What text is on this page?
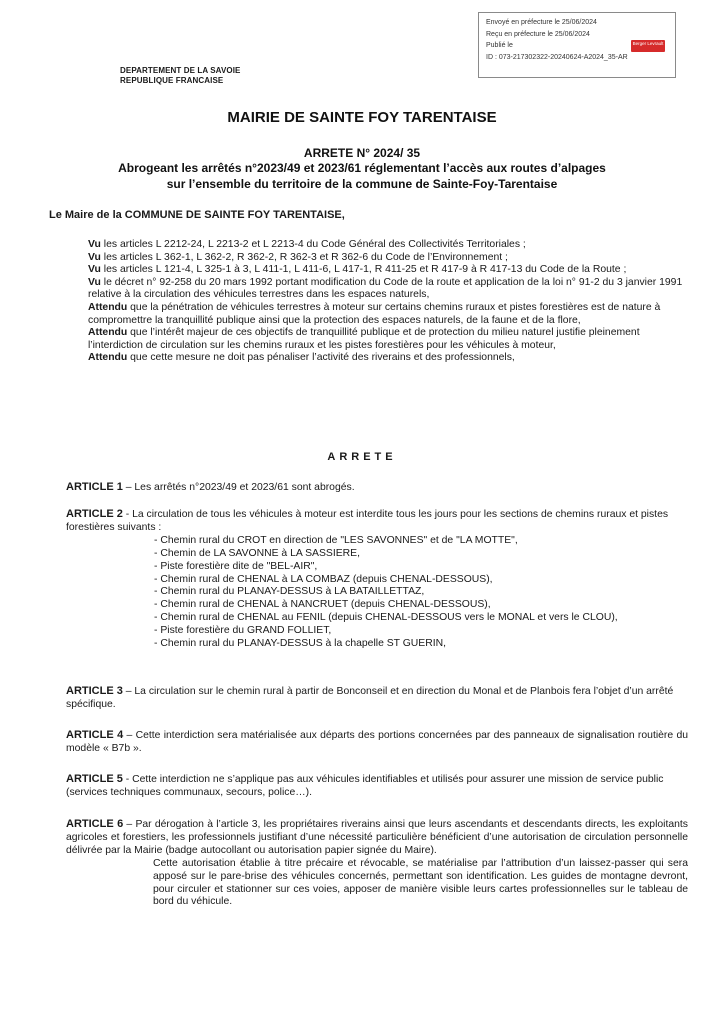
Envoyé en préfecture le 25/06/2024
Reçu en préfecture le 25/06/2024
Publié le
ID : 073-217302322-20240624-A2024_35-AR
Berger Levrault
DEPARTEMENT DE LA SAVOIE
REPUBLIQUE FRANCAISE
MAIRIE DE SAINTE FOY TARENTAISE
ARRETE N° 2024/ 35
Abrogeant les arrêtés n°2023/49 et 2023/61 réglementant l’accès aux routes d’alpages
sur l’ensemble du territoire de la commune de Sainte-Foy-Tarentaise
Le Maire de la COMMUNE DE SAINTE FOY TARENTAISE,

Vu les articles L 2212-24, L 2213-2 et L 2213-4 du Code Général des Collectivités Territoriales ;

Vu les articles L 362-1, L 362-2, R 362-2, R 362-3 et R 362-6 du Code de l’Environnement ;

Vu les articles L 121-4, L 325-1 à 3, L 411-1, L 411-6, L 417-1, R 411-25 et R 417-9 à R 417-13 du Code de la Route ;

Vu le décret n° 92-258 du 20 mars 1992 portant modification du Code de la route et application de la loi n° 91-2 du 3 janvier 1991 relative à la circulation des véhicules terrestres dans les espaces naturels,

Attendu que la pénétration de véhicules terrestres à moteur sur certains chemins ruraux et pistes forestières est de nature à compromettre la tranquillité publique ainsi que la protection des espaces naturels, de la faune et de la flore,

Attendu que l’intérêt majeur de ces objectifs de tranquillité publique et de protection du milieu naturel justifie pleinement l’interdiction de circulation sur les chemins ruraux et les pistes forestières pour les véhicules à moteur,

Attendu que cette mesure ne doit pas pénaliser l’activité des riverains et des professionnels,

ARRETE

ARTICLE 1 – Les arrêtés n°2023/49 et 2023/61 sont abrogés.

ARTICLE 2 - La circulation de tous les véhicules à moteur est interdite tous les jours pour les sections de chemins ruraux et pistes forestières suivants :

- Chemin rural du CROT en direction de "LES SAVONNES" et de "LA MOTTE",
- Chemin de LA SAVONNE à LA SASSIERE,
- Piste forestière dite de "BEL-AIR",
- Chemin rural de CHENAL à LA COMBAZ (depuis CHENAL-DESSOUS),
- Chemin rural du PLANAY-DESSUS à LA BATAILLETTAZ,
- Chemin rural de CHENAL à NANCRUET (depuis CHENAL-DESSOUS),
- Chemin rural de CHENAL au FENIL (depuis CHENAL-DESSOUS vers le MONAL et vers le CLOU),
- Piste forestière du GRAND FOLLIET,
- Chemin rural du PLANAY-DESSUS à la chapelle ST GUERIN,

ARTICLE 3 – La circulation sur le chemin rural à partir de Bonconseil et en direction du Monal et de Planbois fera l’objet d’un arrêté spécifique.

ARTICLE 4 – Cette interdiction sera matérialisée aux départs des portions concernées par des panneaux de signalisation routière du modèle « B7b ».

ARTICLE 5 - Cette interdiction ne s’applique pas aux véhicules identifiables et utilisés pour assurer une mission de service public (services techniques communaux, secours, police…).

ARTICLE 6 – Par dérogation à l’article 3, les propriétaires riverains ainsi que leurs ascendants et descendants directs, les exploitants agricoles et forestiers, les professionnels justifiant d’une nécessité particulière bénéficient d’une autorisation de circulation personnelle délivrée par la Mairie (badge autocollant ou autorisation papier signée du Maire).

Cette autorisation établie à titre précaire et révocable, se matérialise par l’attribution d’un laissez-passer qui sera apposé sur le pare-brise des véhicules concernés, permettant son identification. Les guides de montagne devront, pour circuler et stationner sur ces voies, apposer de manière visible leurs cartes professionnelles sur le tableau de bord du véhicule.
